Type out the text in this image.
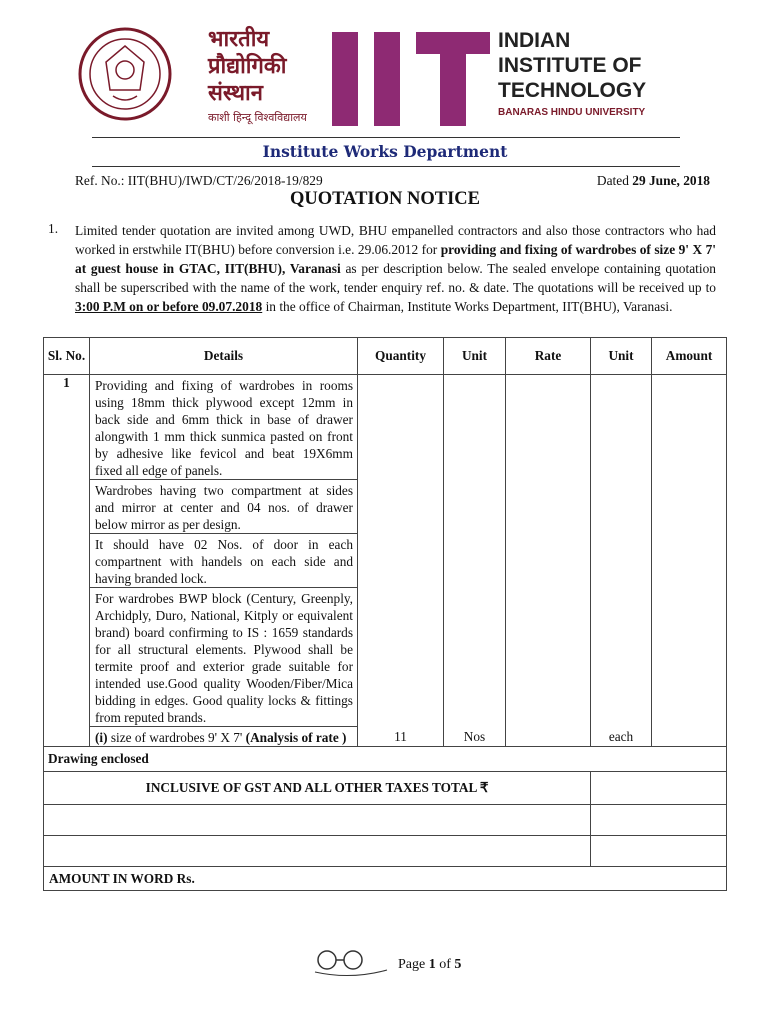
भारतीय
प्रौद्योगिकी
संस्थान
काशी हिन्दू विश्वविद्यालय
INDIAN
INSTITUTE OF
TECHNOLOGY
BANARAS HINDU UNIVERSITY
Institute Works Department
Ref. No.: IIT(BHU)/IWD/CT/26/2018-19/829	Dated 29 June, 2018
QUOTATION NOTICE
1. Limited tender quotation are invited among UWD, BHU empanelled contractors and also those contractors who had worked in erstwhile IT(BHU) before conversion i.e. 29.06.2012 for providing and fixing of wardrobes of size 9' X 7' at guest house in GTAC, IIT(BHU), Varanasi as per description below. The sealed envelope containing quotation shall be superscribed with the name of the work, tender enquiry ref. no. & date. The quotations will be received up to 3:00 P.M on or before 09.07.2018 in the office of Chairman, Institute Works Department, IIT(BHU), Varanasi.
Sl. No.	Details	Quantity	Unit	Rate	Unit	Amount
1	Providing and fixing of wardrobes in rooms using 18mm thick plywood except 12mm in back side and 6mm thick in base of drawer alongwith 1 mm thick sunmica pasted on front by adhesive like fevicol and beat 19X6mm fixed all edge of panels.
Wardrobes having two compartment at sides and mirror at center and 04 nos. of drawer below mirror as per design.
It should have 02 Nos. of door in each compartnent with handels on each side and having branded lock.
For wardrobes BWP block (Century, Greenply, Archidply, Duro, National, Kitply or equivalent brand) board confirming to IS : 1659 standards for all structural elements. Plywood shall be termite proof and exterior grade suitable for intended use.Good quality Wooden/Fiber/Mica bidding in edges. Good quality locks & fittings from reputed brands.
(i) size of wardrobes 9' X 7' (Analysis of rate )	11	Nos		each	
Drawing enclosed						
INCLUSIVE OF GST AND ALL OTHER TAXES TOTAL ₹						

AMOUNT IN WORD Rs.						
Page 1 of 5
